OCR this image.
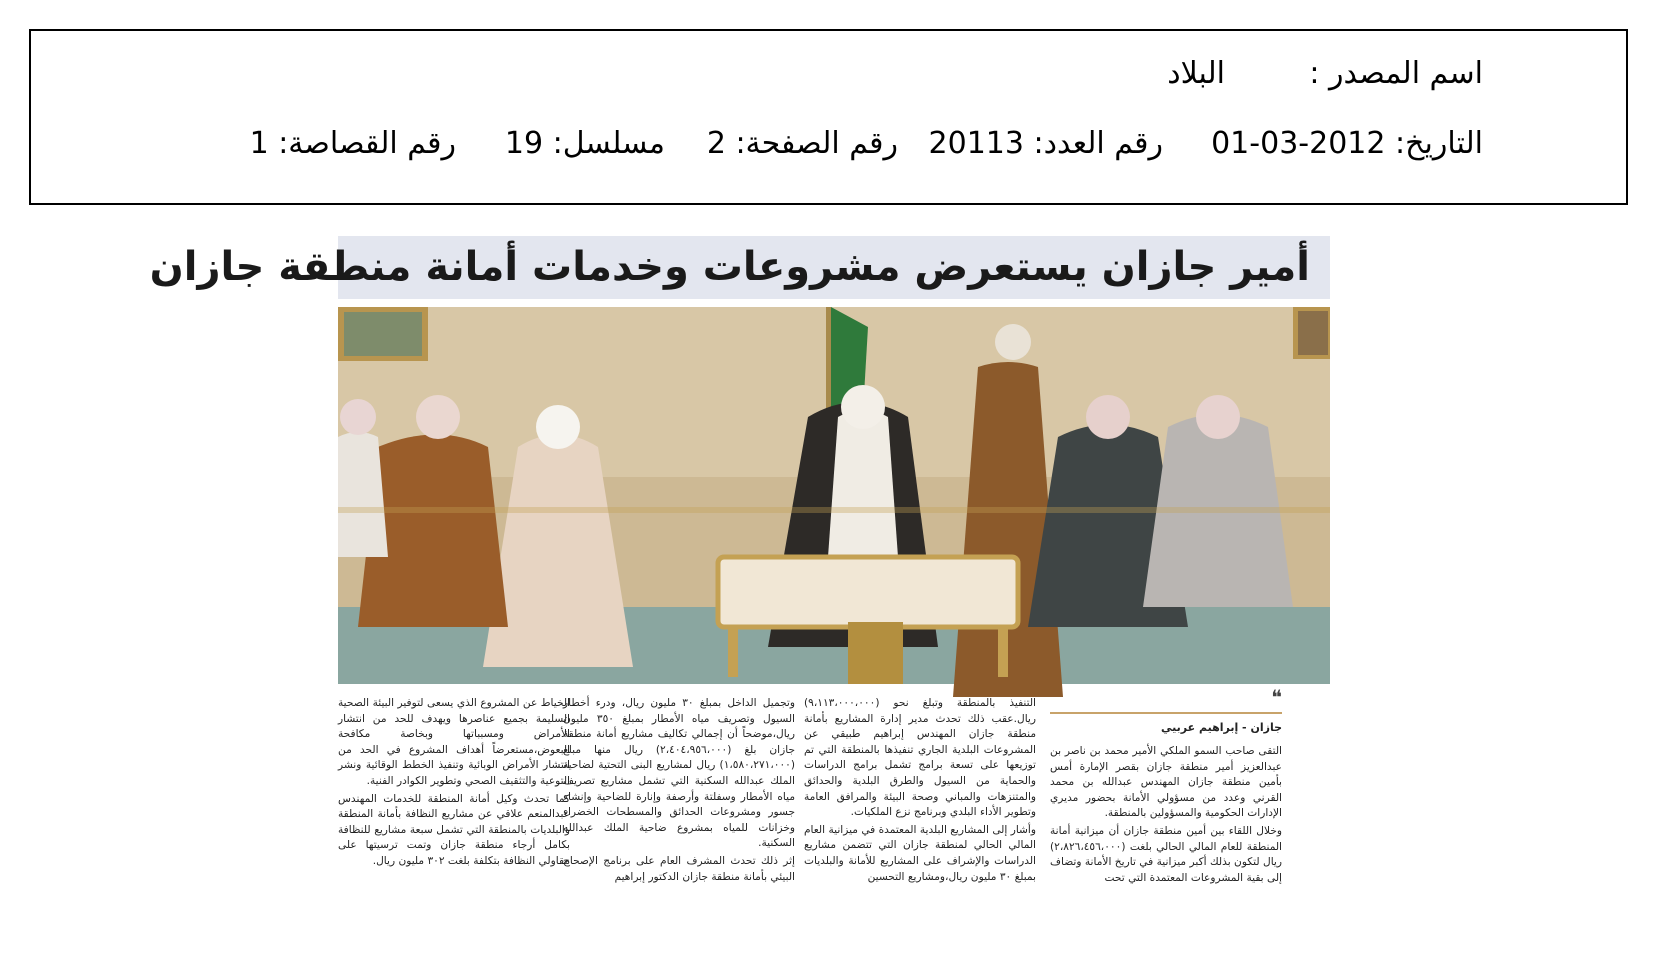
اسم المصدر :
البلاد
التاريخ: 2012-03-01
رقم العدد: 20113
رقم الصفحة: 2
مسلسل: 19
رقم القصاصة: 1
أمير جازان يستعرض مشروعات وخدمات أمانة منطقة جازان
❝
جازان - إبراهيم عربيي

التقى صاحب السمو الملكي الأمير محمد بن ناصر بن عبدالعزيز أمير منطقة جازان بقصر الإمارة أمس بأمين منطقة جازان المهندس عبدالله بن محمد القرني وعدد من مسؤولي الأمانة بحضور مديري الإدارات الحكومية والمسؤولين بالمنطقة.

وخلال اللقاء بين أمين منطقة جازان أن ميزانية أمانة المنطقة للعام المالي الحالي بلغت (٢،٨٢٦،٤٥٦،٠٠٠) ريال لتكون بذلك أكبر ميزانية في تاريخ الأمانة وتضاف إلى بقية المشروعات المعتمدة التي تحت

التنفيذ بالمنطقة وتبلغ نحو (٩،١١٣،٠٠٠،٠٠٠) ريال.عقب ذلك تحدث مدير إدارة المشاريع بأمانة منطقة جازان المهندس إبراهيم طبيقي عن المشروعات البلدية الجاري تنفيذها بالمنطقة التي تم توزيعها على تسعة برامج تشمل برامج الدراسات والحماية من السيول والطرق البلدية والحدائق والمتنزهات والمباني وصحة البيئة والمرافق العامة وتطوير الأداء البلدي وبرنامج نزع الملكيات.

وأشار إلى المشاريع البلدية المعتمدة في ميزانية العام المالي الحالي لمنطقة جازان التي تتضمن مشاريع الدراسات والإشراف على المشاريع للأمانة والبلديات بمبلغ ٣٠ مليون ريال،ومشاريع التحسين

وتجميل الداخل بمبلغ ٣٠ مليون ريال، ودرء أخطار السيول وتصريف مياه الأمطار بمبلغ ٣٥٠ مليون ريال،موضحاً أن إجمالي تكاليف مشاريع أمانة منطقة جازان بلغ (٢،٤٠٤،٩٥٦،٠٠٠) ريال منها مبلغ (١،٥٨٠،٢٧١،٠٠٠) ريال لمشاريع البنى التحتية لضاحية الملك عبدالله السكنية التي تشمل مشاريع تصريف مياه الأمطار وسفلتة وأرصفة وإنارة للضاحية وإنشاء جسور ومشروعات الحدائق والمسطحات الخضراء وخزانات للمياه بمشروع ضاحية الملك عبدالله السكنية.

إثر ذلك تحدث المشرف العام على برنامج الإصحاح البيئي بأمانة منطقة جازان الدكتور إبراهيم

الخياط عن المشروع الذي يسعى لتوفير البيئة الصحية السليمة بجميع عناصرها ويهدف للحد من انتشار الأمراض ومسبباتها وبخاصة مكافحة البعوض،مستعرضاً أهداف المشروع في الحد من انتشار الأمراض الوبائية وتنفيذ الخطط الوقائية ونشر التوعية والتثقيف الصحي وتطوير الكوادر الفنية.

كما تحدث وكيل أمانة المنطقة للخدمات المهندس عبدالمنعم علاقي عن مشاريع النظافة بأمانة المنطقة والبلديات بالمنطقة التي تشمل سبعة مشاريع للنظافة بكامل أرجاء منطقة جازان وتمت ترسيتها على مقاولي النظافة بتكلفة بلغت ٣٠٢ مليون ريال.
